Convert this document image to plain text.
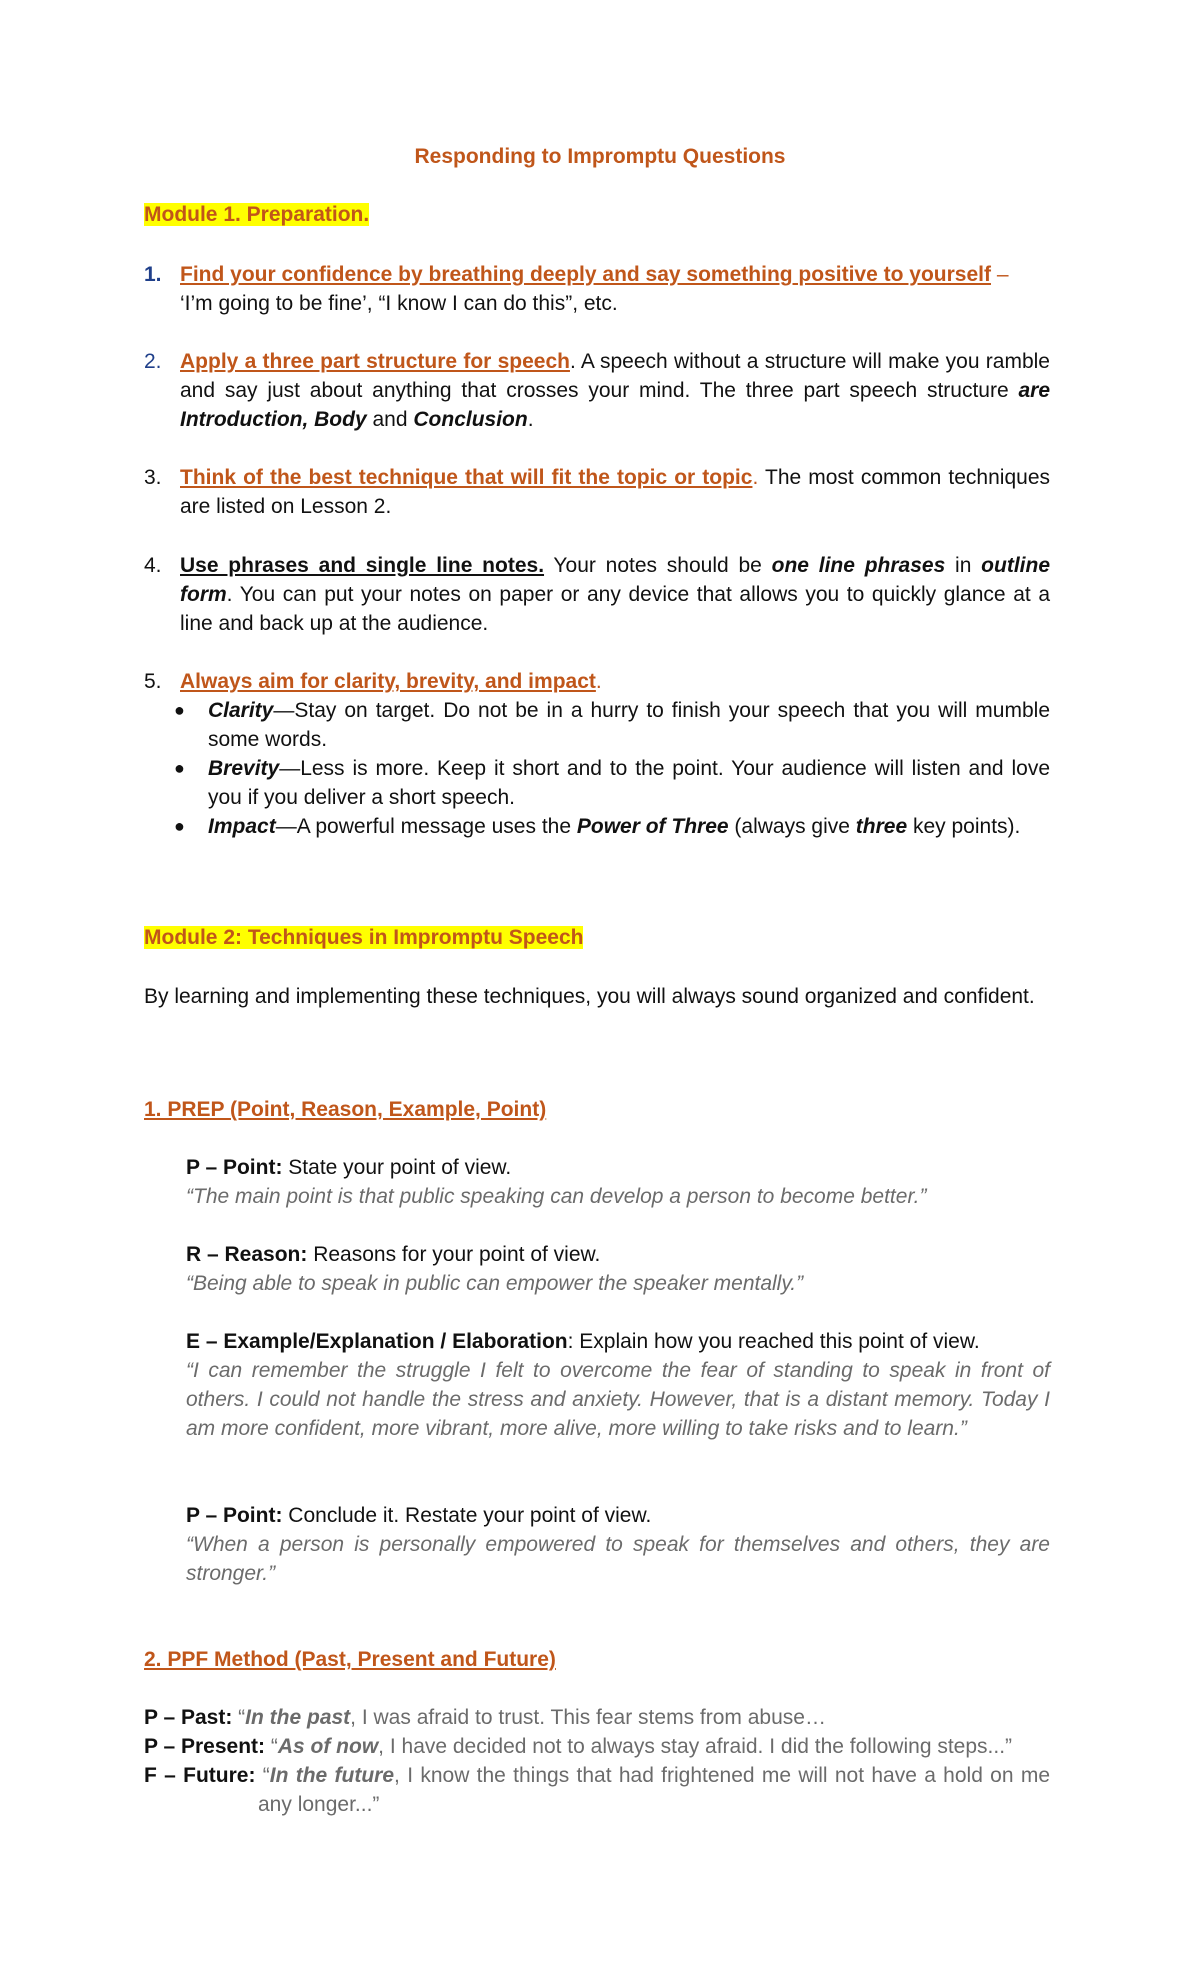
Responding to Impromptu Questions
Module 1. Preparation.
1. Find your confidence by breathing deeply and say something positive to yourself –

‘I’m going to be fine’, “I know I can do this”, etc.

2. Apply a three part structure for speech. A speech without a structure will make you ramble and say just about anything that crosses your mind. The three part speech structure are Introduction, Body and Conclusion.

3. Think of the best technique that will fit the topic or topic. The most common techniques are listed on Lesson 2.

4. Use phrases and single line notes. Your notes should be one line phrases in outline form. You can put your notes on paper or any device that allows you to quickly glance at a line and back up at the audience.

5. Always aim for clarity, brevity, and impact.

● Clarity—Stay on target. Do not be in a hurry to finish your speech that you will mumble some words.

● Brevity—Less is more. Keep it short and to the point. Your audience will listen and love you if you deliver a short speech.

● Impact—A powerful message uses the Power of Three (always give three key points).

Module 2: Techniques in Impromptu Speech

By learning and implementing these techniques, you will always sound organized and confident.

1. PREP (Point, Reason, Example, Point)

P – Point: State your point of view.

“The main point is that public speaking can develop a person to become better.”

R – Reason: Reasons for your point of view.

“Being able to speak in public can empower the speaker mentally.”

E – Example/Explanation / Elaboration: Explain how you reached this point of view.

“I can remember the struggle I felt to overcome the fear of standing to speak in front of others. I could not handle the stress and anxiety. However, that is a distant memory. Today I am more confident, more vibrant, more alive, more willing to take risks and to learn.”

P – Point: Conclude it. Restate your point of view.

“When a person is personally empowered to speak for themselves and others, they are stronger.”

2. PPF Method (Past, Present and Future)

P – Past: “In the past, I was afraid to trust. This fear stems from abuse…

P – Present: “As of now, I have decided not to always stay afraid. I did the following steps...”

F – Future: “In the future, I know the things that had frightened me will not have a hold on me any longer...”
